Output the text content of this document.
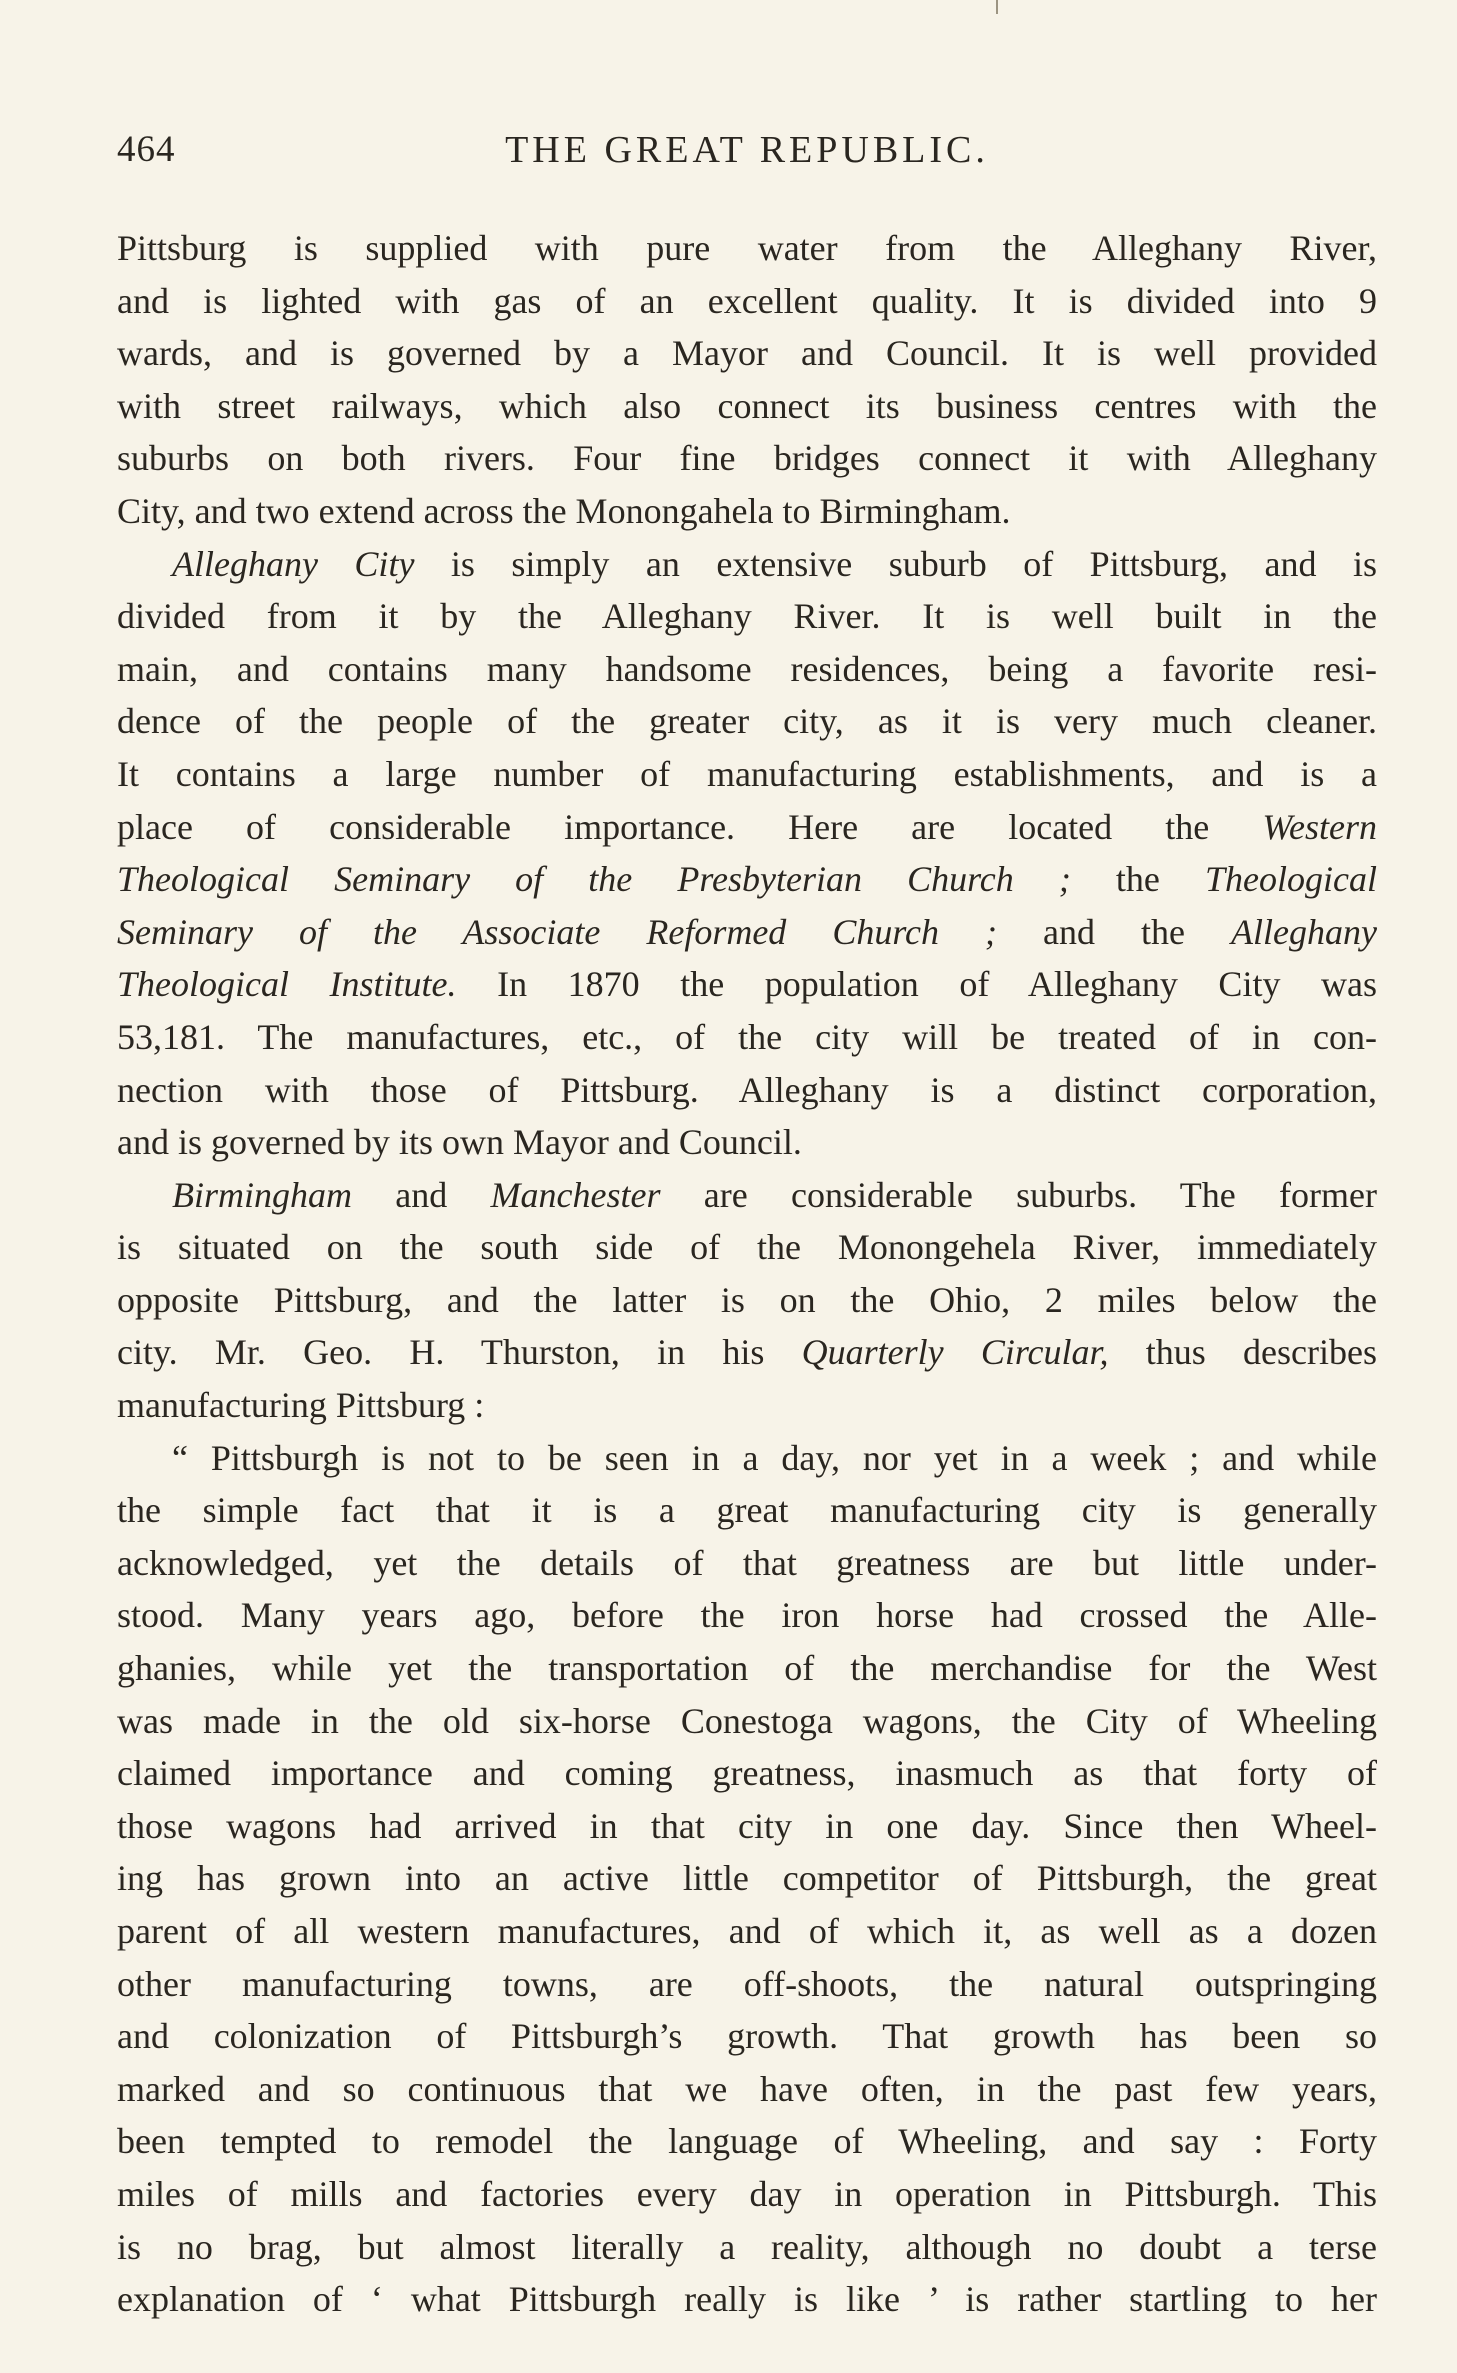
464	THE GREAT REPUBLIC.
Pittsburg is supplied with pure water from the Alleghany River,
and is lighted with gas of an excellent quality. It is divided into 9
wards, and is governed by a Mayor and Council. It is well provided
with street railways, which also connect its business centres with the
suburbs on both rivers. Four fine bridges connect it with Alleghany
City, and two extend across the Monongahela to Birmingham.
Alleghany City is simply an extensive suburb of Pittsburg, and is
divided from it by the Alleghany River. It is well built in the
main, and contains many handsome residences, being a favorite resi-
dence of the people of the greater city, as it is very much cleaner.
It contains a large number of manufacturing establishments, and is a
place of considerable importance. Here are located the Western
Theological Seminary of the Presbyterian Church ; the Theological
Seminary of the Associate Reformed Church ; and the Alleghany
Theological Institute. In 1870 the population of Alleghany City was
53,181. The manufactures, etc., of the city will be treated of in con-
nection with those of Pittsburg. Alleghany is a distinct corporation,
and is governed by its own Mayor and Council.
Birmingham and Manchester are considerable suburbs. The former
is situated on the south side of the Monongehela River, immediately
opposite Pittsburg, and the latter is on the Ohio, 2 miles below the
city. Mr. Geo. H. Thurston, in his Quarterly Circular, thus describes
manufacturing Pittsburg :
“ Pittsburgh is not to be seen in a day, nor yet in a week ; and while
the simple fact that it is a great manufacturing city is generally
acknowledged, yet the details of that greatness are but little under-
stood. Many years ago, before the iron horse had crossed the Alle-
ghanies, while yet the transportation of the merchandise for the West
was made in the old six-horse Conestoga wagons, the City of Wheeling
claimed importance and coming greatness, inasmuch as that forty of
those wagons had arrived in that city in one day. Since then Wheel-
ing has grown into an active little competitor of Pittsburgh, the great
parent of all western manufactures, and of which it, as well as a dozen
other manufacturing towns, are off-shoots, the natural outspringing
and colonization of Pittsburgh’s growth. That growth has been so
marked and so continuous that we have often, in the past few years,
been tempted to remodel the language of Wheeling, and say : Forty
miles of mills and factories every day in operation in Pittsburgh. This
is no brag, but almost literally a reality, although no doubt a terse
explanation of ‘ what Pittsburgh really is like ’ is rather startling to her
